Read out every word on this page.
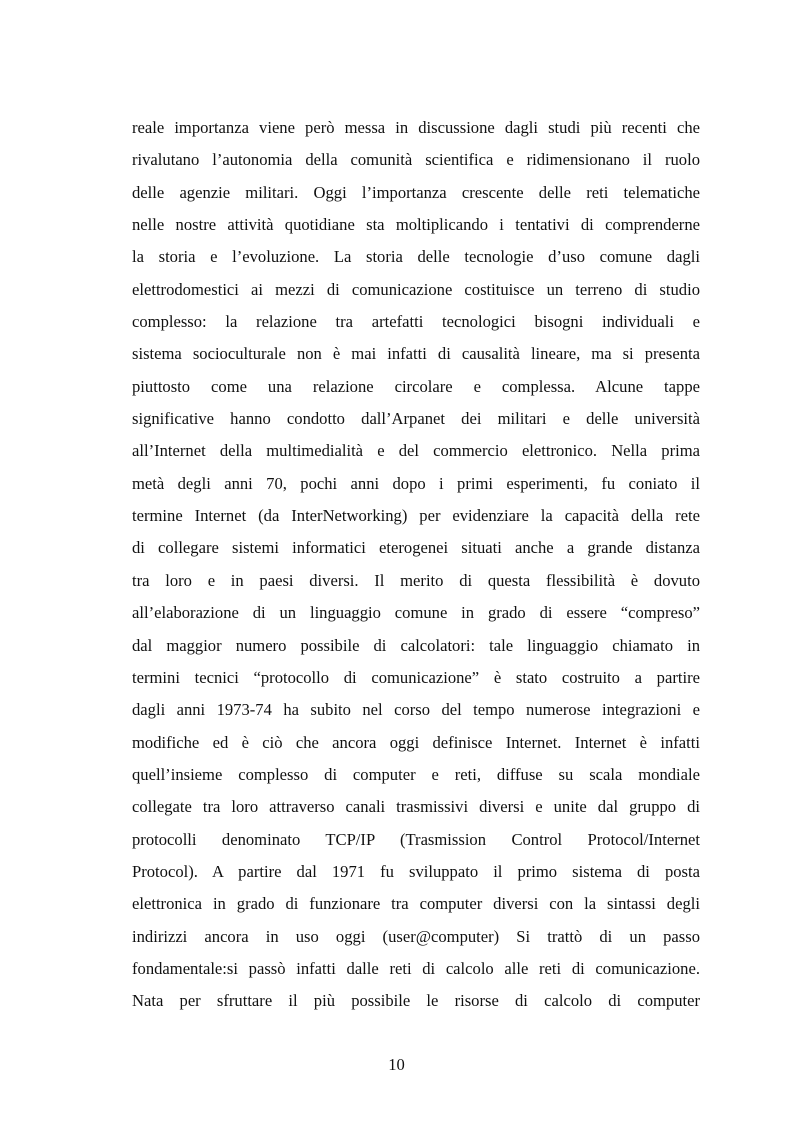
reale importanza viene però messa in discussione dagli studi più recenti che
rivalutano l’autonomia della comunità scientifica e ridimensionano il ruolo
delle agenzie militari. Oggi l’importanza crescente delle reti telematiche
nelle nostre attività quotidiane sta moltiplicando i tentativi di comprenderne
la storia e l’evoluzione. La storia delle tecnologie d’uso comune dagli
elettrodomestici ai mezzi di comunicazione costituisce un terreno di studio
complesso: la relazione tra artefatti tecnologici bisogni individuali e
sistema socioculturale non è mai infatti di causalità lineare, ma si presenta
piuttosto come una relazione circolare e complessa. Alcune tappe
significative hanno condotto dall’Arpanet dei militari e delle università
all’Internet della multimedialità e del commercio elettronico. Nella prima
metà degli anni 70, pochi anni dopo i primi esperimenti, fu coniato il
termine Internet (da InterNetworking) per evidenziare la capacità della rete
di collegare sistemi informatici eterogenei situati anche a grande distanza
tra loro e in paesi diversi. Il merito di questa flessibilità è dovuto
all’elaborazione di un linguaggio comune in grado di essere “compreso”
dal maggior numero possibile di calcolatori: tale linguaggio chiamato in
termini tecnici “protocollo di comunicazione” è stato costruito a partire
dagli anni 1973-74 ha subito nel corso del tempo numerose integrazioni e
modifiche ed è ciò che ancora oggi definisce Internet. Internet è infatti
quell’insieme complesso di computer e reti, diffuse su scala mondiale
collegate tra loro attraverso canali trasmissivi diversi e unite dal gruppo di
protocolli denominato TCP/IP (Trasmission Control Protocol/Internet
Protocol). A partire dal 1971 fu sviluppato il primo sistema di posta
elettronica in grado di funzionare tra computer diversi con la sintassi degli
indirizzi ancora in uso oggi (user@computer) Si trattò di un passo
fondamentale:si passò infatti dalle reti di calcolo alle reti di comunicazione.
Nata per sfruttare il più possibile le risorse di calcolo di computer
10
